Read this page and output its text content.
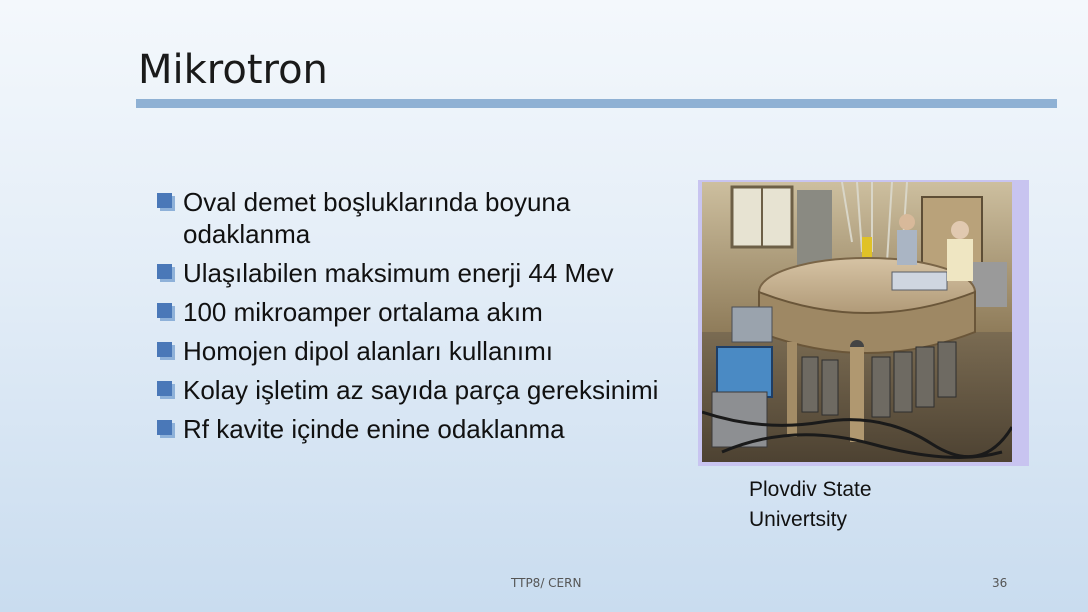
Mikrotron
Oval demet boşluklarında boyuna odaklanma
Ulaşılabilen maksimum enerji 44 Mev
100 mikroamper ortalama akım
Homojen dipol alanları kullanımı
Kolay işletim az sayıda parça gereksinimi
Rf kavite içinde enine odaklanma
Plovdiv State
Univertsity
TTP8/ CERN	36
